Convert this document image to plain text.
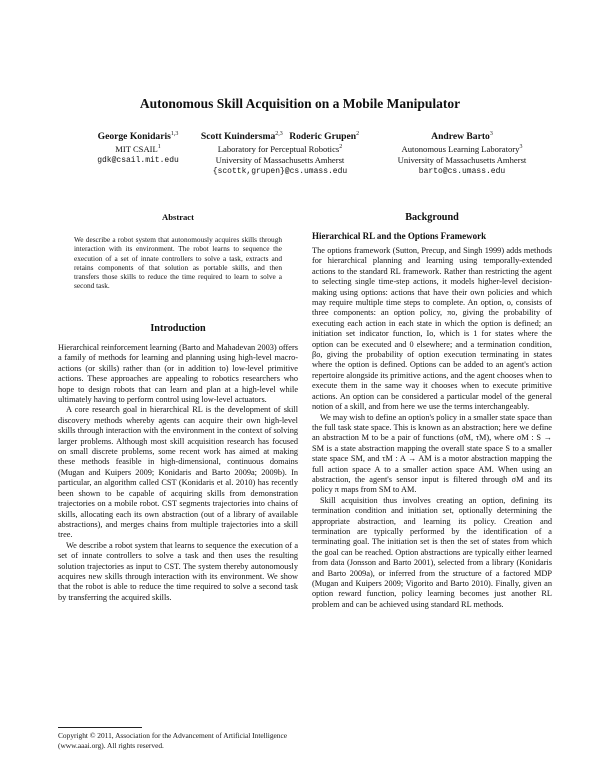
Autonomous Skill Acquisition on a Mobile Manipulator
George Konidaris$^{1,3}$
MIT CSAIL$^1$
gdk@csail.mit.edu
Scott Kuindersma$^{2,3}$ Roderic Grupen$^2$
Laboratory for Perceptual Robotics$^2$
University of Massachusetts Amherst
{scottk,grupen}@cs.umass.edu
Andrew Barto$^3$
Autonomous Learning Laboratory$^3$
University of Massachusetts Amherst
barto@cs.umass.edu
Abstract
We describe a robot system that autonomously acquires skills through interaction with its environment. The robot learns to sequence the execution of a set of innate controllers to solve a task, extracts and retains components of that solution as portable skills, and then transfers those skills to reduce the time required to learn to solve a second task.
Introduction

Hierarchical reinforcement learning (Barto and Mahadevan 2003) offers a family of methods for learning and planning using high-level macro-actions (or skills) rather than (or in addition to) low-level primitive actions. These approaches are appealing to robotics researchers who hope to design robots that can learn and plan at a high-level while ultimately having to perform control using low-level actuators.

A core research goal in hierarchical RL is the development of skill discovery methods whereby agents can acquire their own high-level skills through interaction with the environment in the context of solving larger problems. Although most skill acquisition research has focused on small discrete problems, some recent work has aimed at making these methods feasible in high-dimensional, continuous domains (Mugan and Kuipers 2009; Konidaris and Barto 2009a; 2009b). In particular, an algorithm called CST (Konidaris et al. 2010) has recently been shown to be capable of acquiring skills from demonstration trajectories on a mobile robot. CST segments trajectories into chains of skills, allocating each its own abstraction (out of a library of available abstractions), and merges chains from multiple trajectories into a skill tree.

We describe a robot system that learns to sequence the execution of a set of innate controllers to solve a task and then uses the resulting solution trajectories as input to CST. The system thereby autonomously acquires new skills through interaction with its environment. We show that the robot is able to reduce the time required to solve a second task by transferring the acquired skills.

Copyright © 2011, Association for the Advancement of Artificial Intelligence (www.aaai.org). All rights reserved.
Background
Hierarchical RL and the Options Framework

The options framework (Sutton, Precup, and Singh 1999) adds methods for hierarchical planning and learning using temporally-extended actions to the standard RL framework. Rather than restricting the agent to selecting single time-step actions, it models higher-level decision-making using options: actions that have their own policies and which may require multiple time steps to complete. An option, o, consists of three components: an option policy, πo, giving the probability of executing each action in each state in which the option is defined; an initiation set indicator function, Io, which is 1 for states where the option can be executed and 0 elsewhere; and a termination condition, βo, giving the probability of option execution terminating in states where the option is defined. Options can be added to an agent's action repertoire alongside its primitive actions, and the agent chooses when to execute them in the same way it chooses when to execute primitive actions. An option can be considered a particular model of the general notion of a skill, and from here we use the terms interchangeably.

We may wish to define an option's policy in a smaller state space than the full task state space. This is known as an abstraction; here we define an abstraction M to be a pair of functions (σM, τM), where σM : S → SM is a state abstraction mapping the overall state space S to a smaller state space SM, and τM : A → AM is a motor abstraction mapping the full action space A to a smaller action space AM. When using an abstraction, the agent's sensor input is filtered through σM and its policy π maps from SM to AM.

Skill acquisition thus involves creating an option, defining its termination condition and initiation set, optionally determining the appropriate abstraction, and learning its policy. Creation and termination are typically performed by the identification of a terminating goal. The initiation set is then the set of states from which the goal can be reached. Option abstractions are typically either learned from data (Jonsson and Barto 2001), selected from a library (Konidaris and Barto 2009a), or inferred from the structure of a factored MDP (Mugan and Kuipers 2009; Vigorito and Barto 2010). Finally, given an option reward function, policy learning becomes just another RL problem and can be achieved using standard RL methods.
